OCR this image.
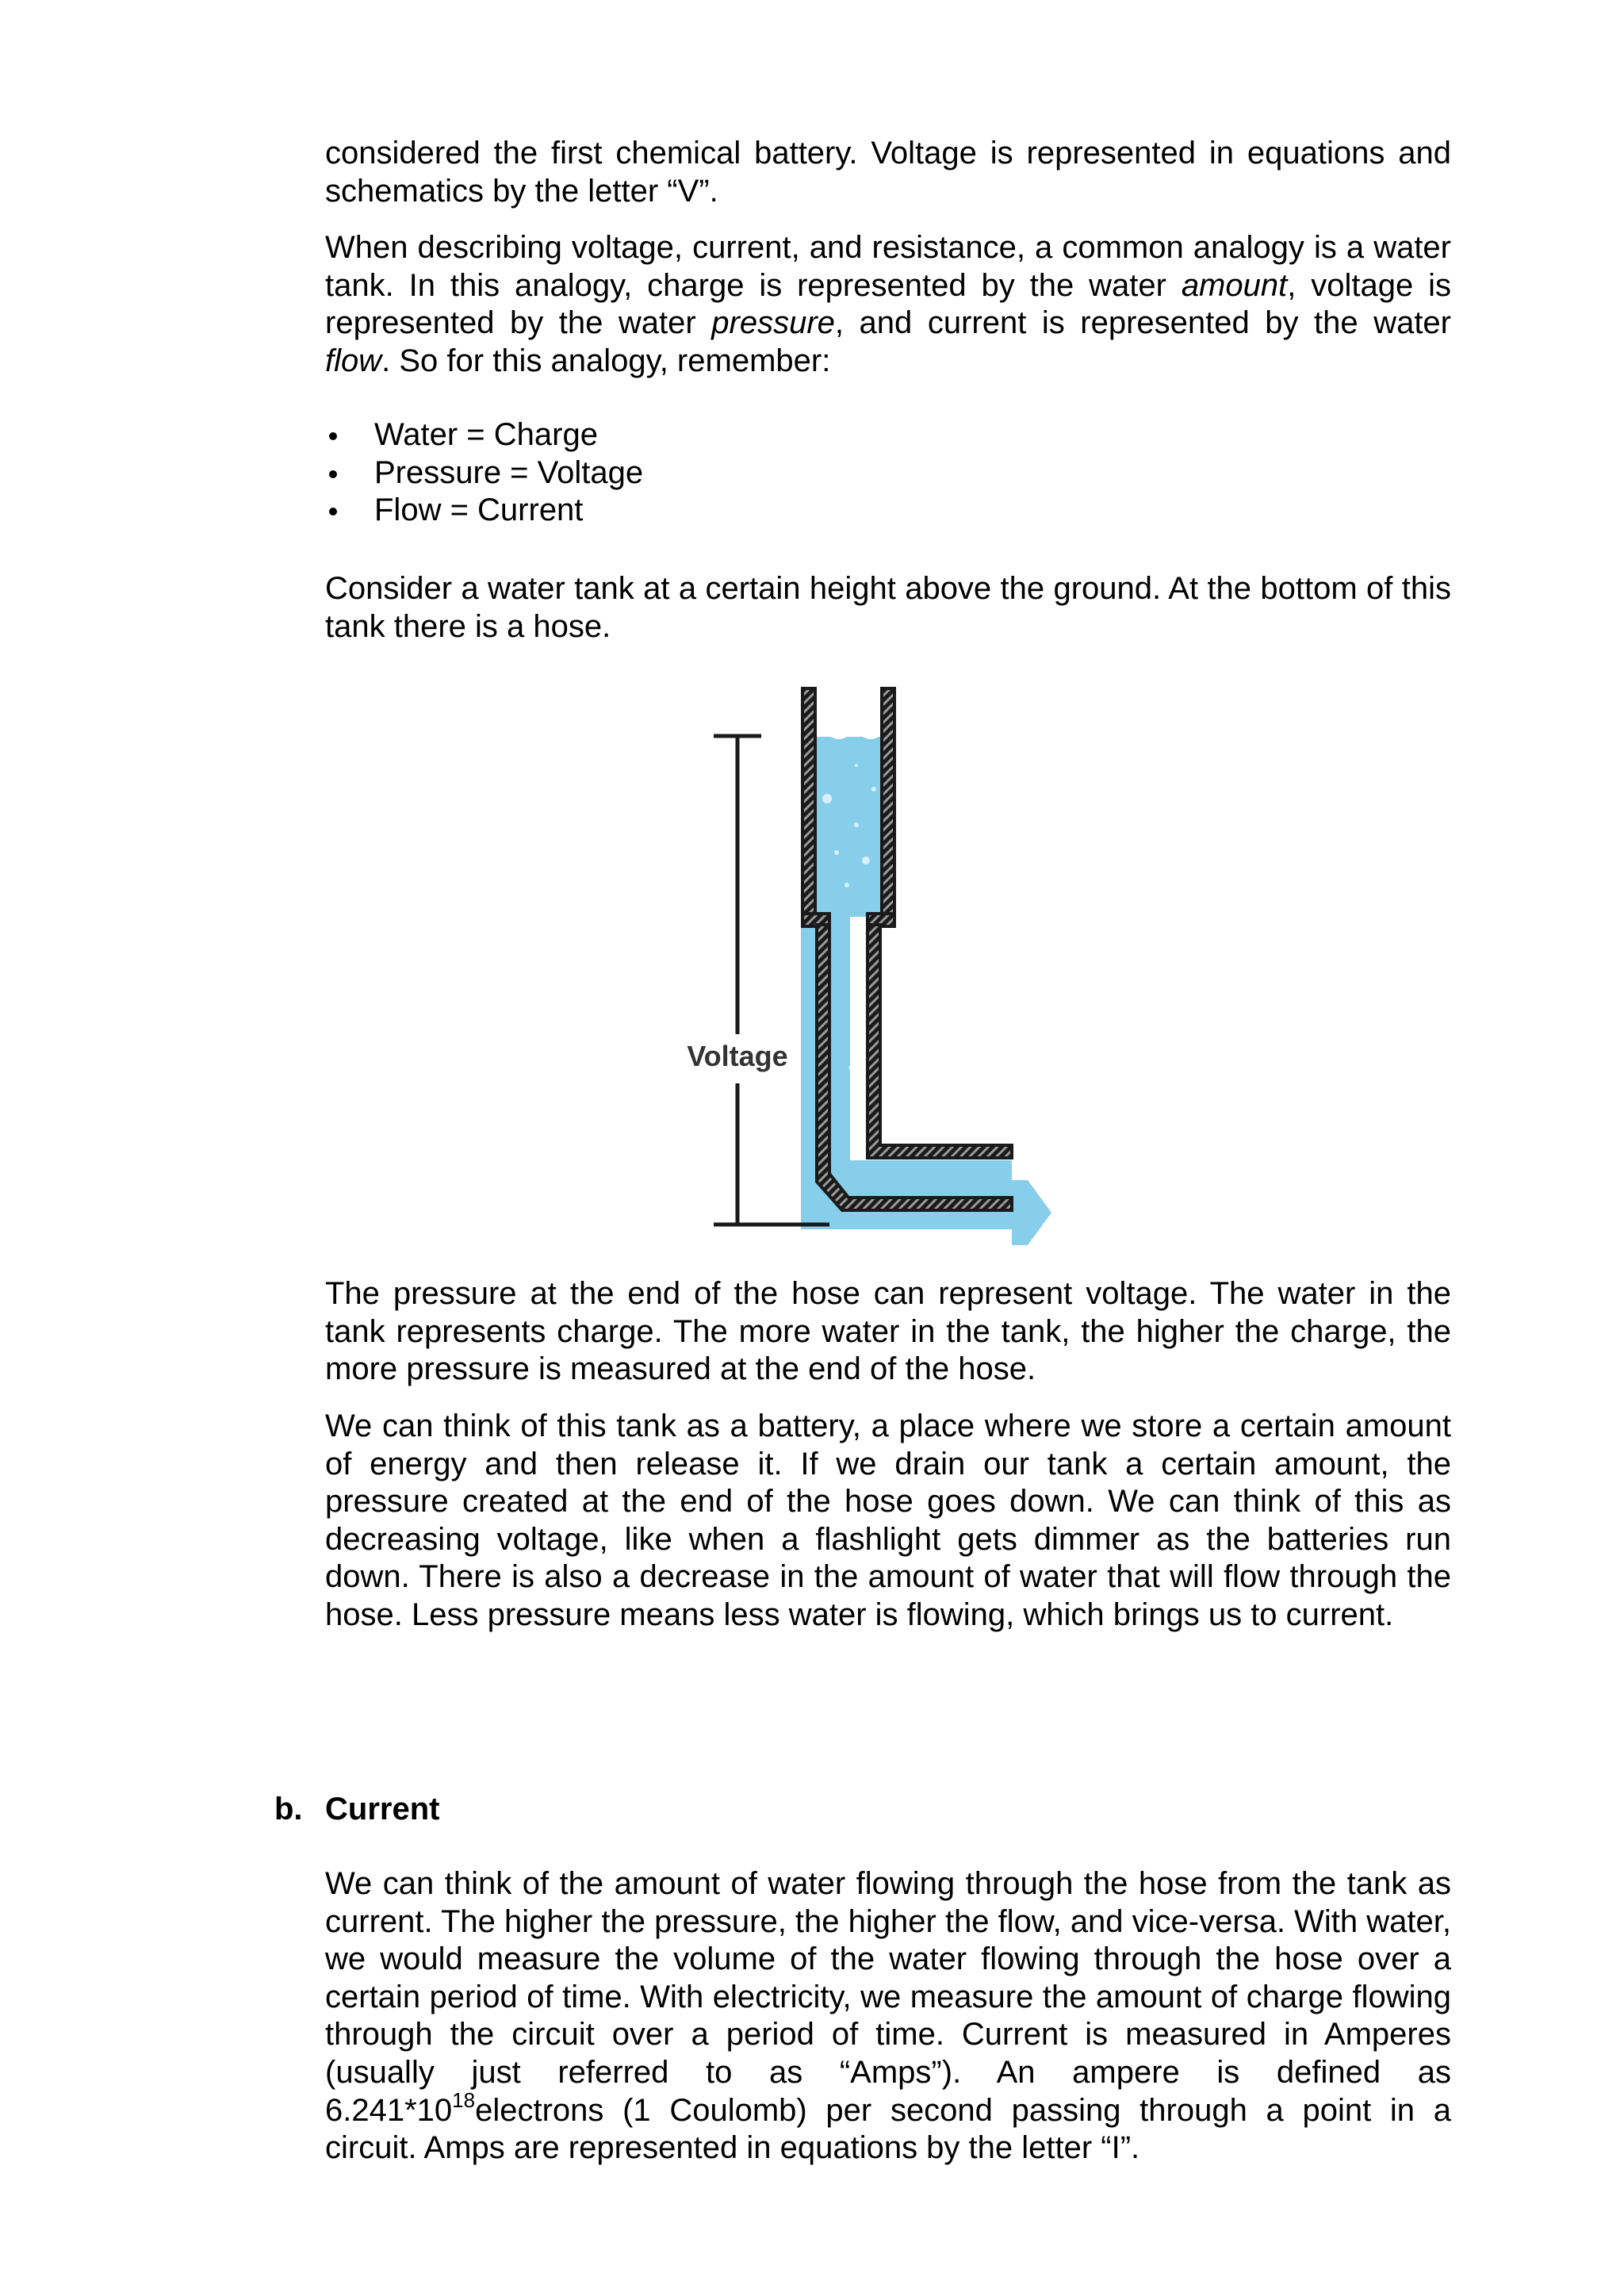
considered the first chemical battery. Voltage is represented in equations and schematics by the letter “V”.

When describing voltage, current, and resistance, a common analogy is a water tank. In this analogy, charge is represented by the water amount, voltage is represented by the water pressure, and current is represented by the water flow. So for this analogy, remember:

Water = Charge
Pressure = Voltage
Flow = Current

Consider a water tank at a certain height above the ground. At the bottom of this tank there is a hose.

Voltage

The pressure at the end of the hose can represent voltage. The water in the tank represents charge. The more water in the tank, the higher the charge, the more pressure is measured at the end of the hose.

We can think of this tank as a battery, a place where we store a certain amount of energy and then release it. If we drain our tank a certain amount, the pressure created at the end of the hose goes down. We can think of this as decreasing voltage, like when a flashlight gets dimmer as the batteries run down. There is also a decrease in the amount of water that will flow through the hose. Less pressure means less water is flowing, which brings us to current.

b. Current

We can think of the amount of water flowing through the hose from the tank as current. The higher the pressure, the higher the flow, and vice-versa. With water, we would measure the volume of the water flowing through the hose over a certain period of time. With electricity, we measure the amount of charge flowing through the circuit over a period of time. Current is measured in Amperes (usually just referred to as “Amps”). An ampere is defined as $6.241*10^{18}electrons$ (1 Coulomb) per second passing through a point in a circuit. Amps are represented in equations by the letter “I”.
